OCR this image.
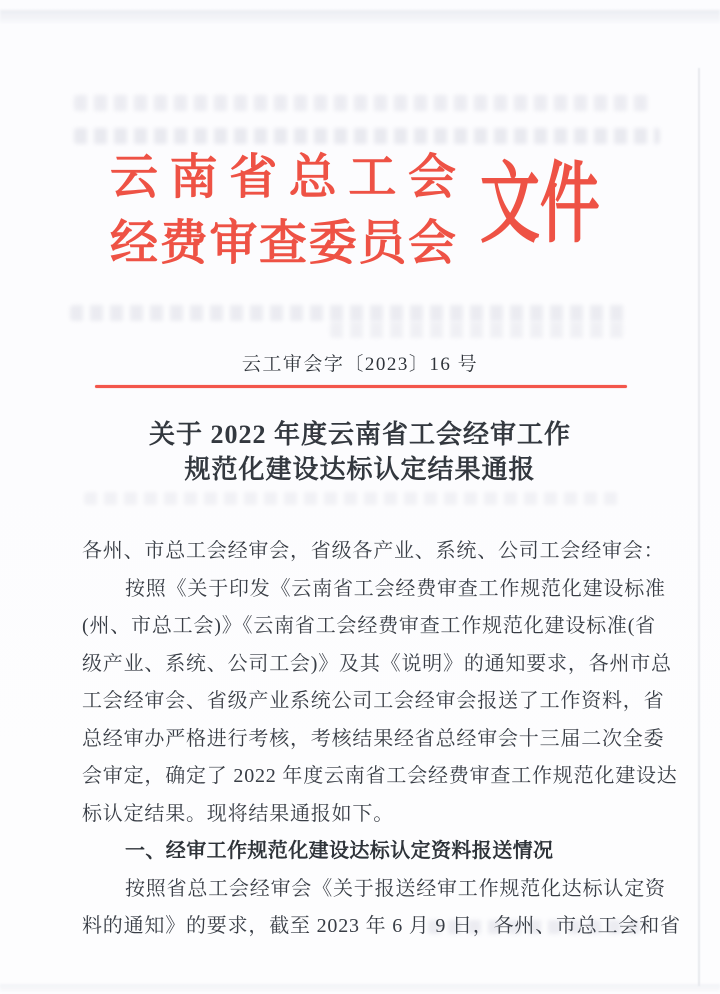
云南省总工会
经费审查委员会 文件
云工审会字〔2023〕16 号
关于 2022 年度云南省工会经审工作
规范化建设达标认定结果通报
各州、市总工会经审会，省级各产业、系统、公司工会经审会：
按照《关于印发《云南省工会经费审查工作规范化建设标准
(州、市总工会)》《云南省工会经费审查工作规范化建设标准(省
级产业、系统、公司工会)》及其《说明》的通知要求，各州市总
工会经审会、省级产业系统公司工会经审会报送了工作资料，省
总经审办严格进行考核，考核结果经省总经审会十三届二次全委
会审定，确定了 2022 年度云南省工会经费审查工作规范化建设达
标认定结果。现将结果通报如下。
一、经审工作规范化建设达标认定资料报送情况
按照省总工会经审会《关于报送经审工作规范化达标认定资
料的通知》的要求，截至 2023 年 6 月 9 日，各州、市总工会和省
